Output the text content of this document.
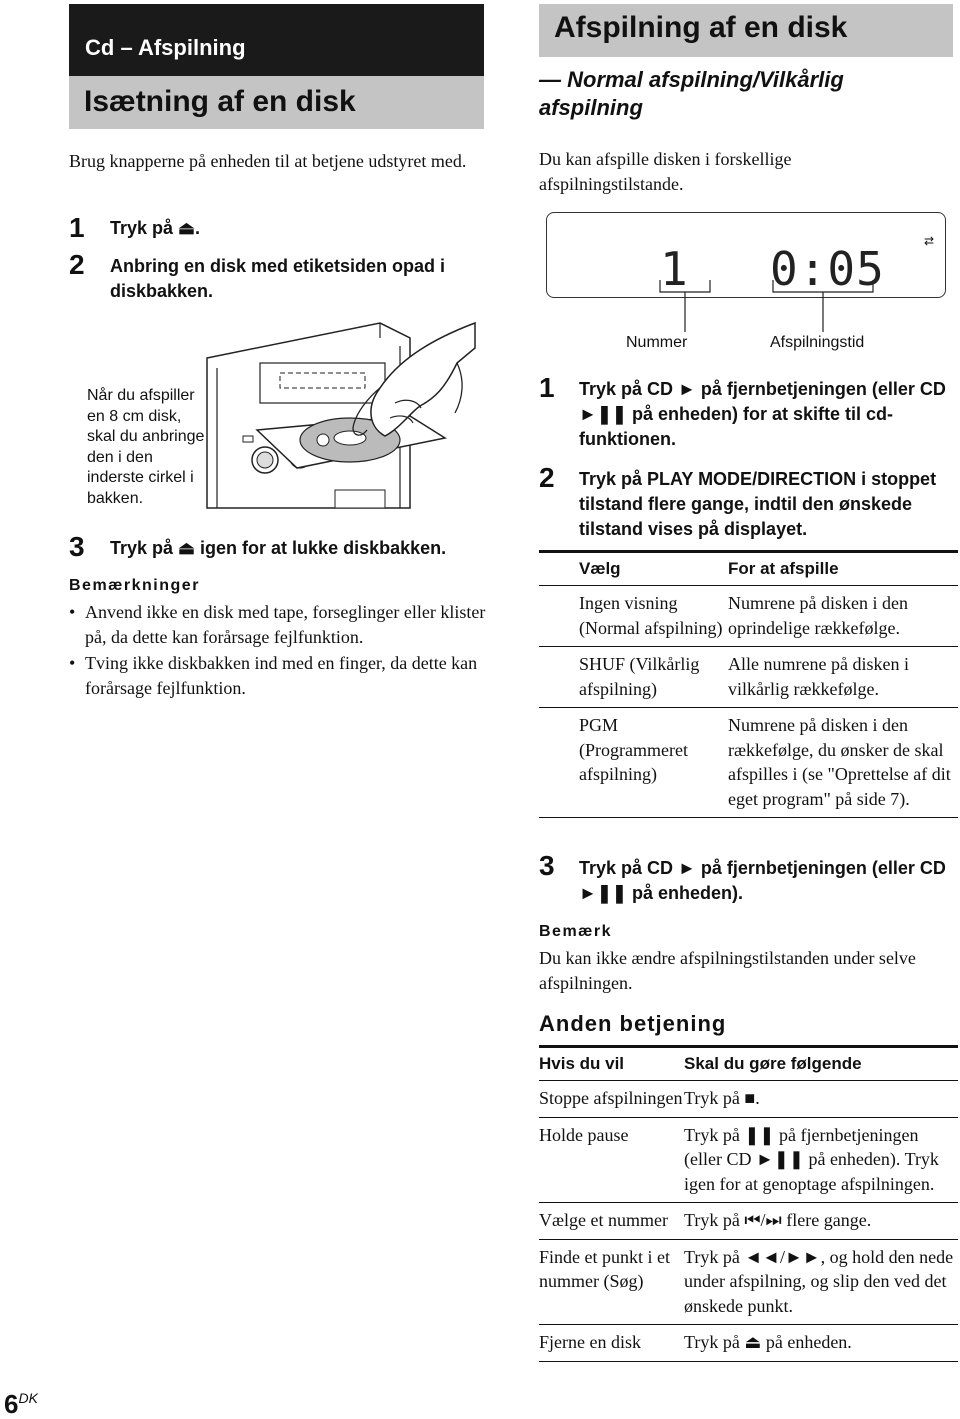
Cd – Afspilning
Isætning af en disk
Brug knapperne på enheden til at betjene udstyret med.
1 Tryk på ⏏.
2 Anbring en disk med etiketsiden opad i diskbakken.
Når du afspiller en 8 cm disk, skal du anbringe den i den inderste cirkel i bakken.
3 Tryk på ⏏ igen for at lukke diskbakken.
Bemærkninger
• Anvend ikke en disk med tape, forseglinger eller klister på, da dette kan forårsage fejlfunktion.
• Tving ikke diskbakken ind med en finger, da dette kan forårsage fejlfunktion.
Afspilning af en disk
— Normal afspilning/Vilkårlig afspilning
Du kan afspille disken i forskellige afspilningstilstande.
1	0:05
⇄
Nummer	Afspilningstid
1 Tryk på CD ► på fjernbetjeningen (eller CD ►❚❚ på enheden) for at skifte til cd-funktionen.
2 Tryk på PLAY MODE/DIRECTION i stoppet tilstand flere gange, indtil den ønskede tilstand vises på displayet.
Vælg	For at afspille
Ingen visning (Normal afspilning)	Numrene på disken i den oprindelige rækkefølge.
SHUF (Vilkårlig afspilning)	Alle numrene på disken i vilkårlig rækkefølge.
PGM (Programmeret afspilning)	Numrene på disken i den rækkefølge, du ønsker de skal afspilles i (se "Oprettelse af dit eget program" på side 7).
3 Tryk på CD ► på fjernbetjeningen (eller CD ►❚❚ på enheden).
Bemærk
Du kan ikke ændre afspilningstilstanden under selve afspilningen.
Anden betjening
Hvis du vil	Skal du gøre følgende
Stoppe afspilningen	Tryk på ■.
Holde pause	Tryk på ❚❚ på fjernbetjeningen (eller CD ►❚❚ på enheden). Tryk igen for at genoptage afspilningen.
Vælge et nummer	Tryk på ⏮/⏭ flere gange.
Finde et punkt i et nummer (Søg)	Tryk på ◄◄/►►, og hold den nede under afspilning, og slip den ved det ønskede punkt.
Fjerne en disk	Tryk på ⏏ på enheden.
$6^{DK}$
